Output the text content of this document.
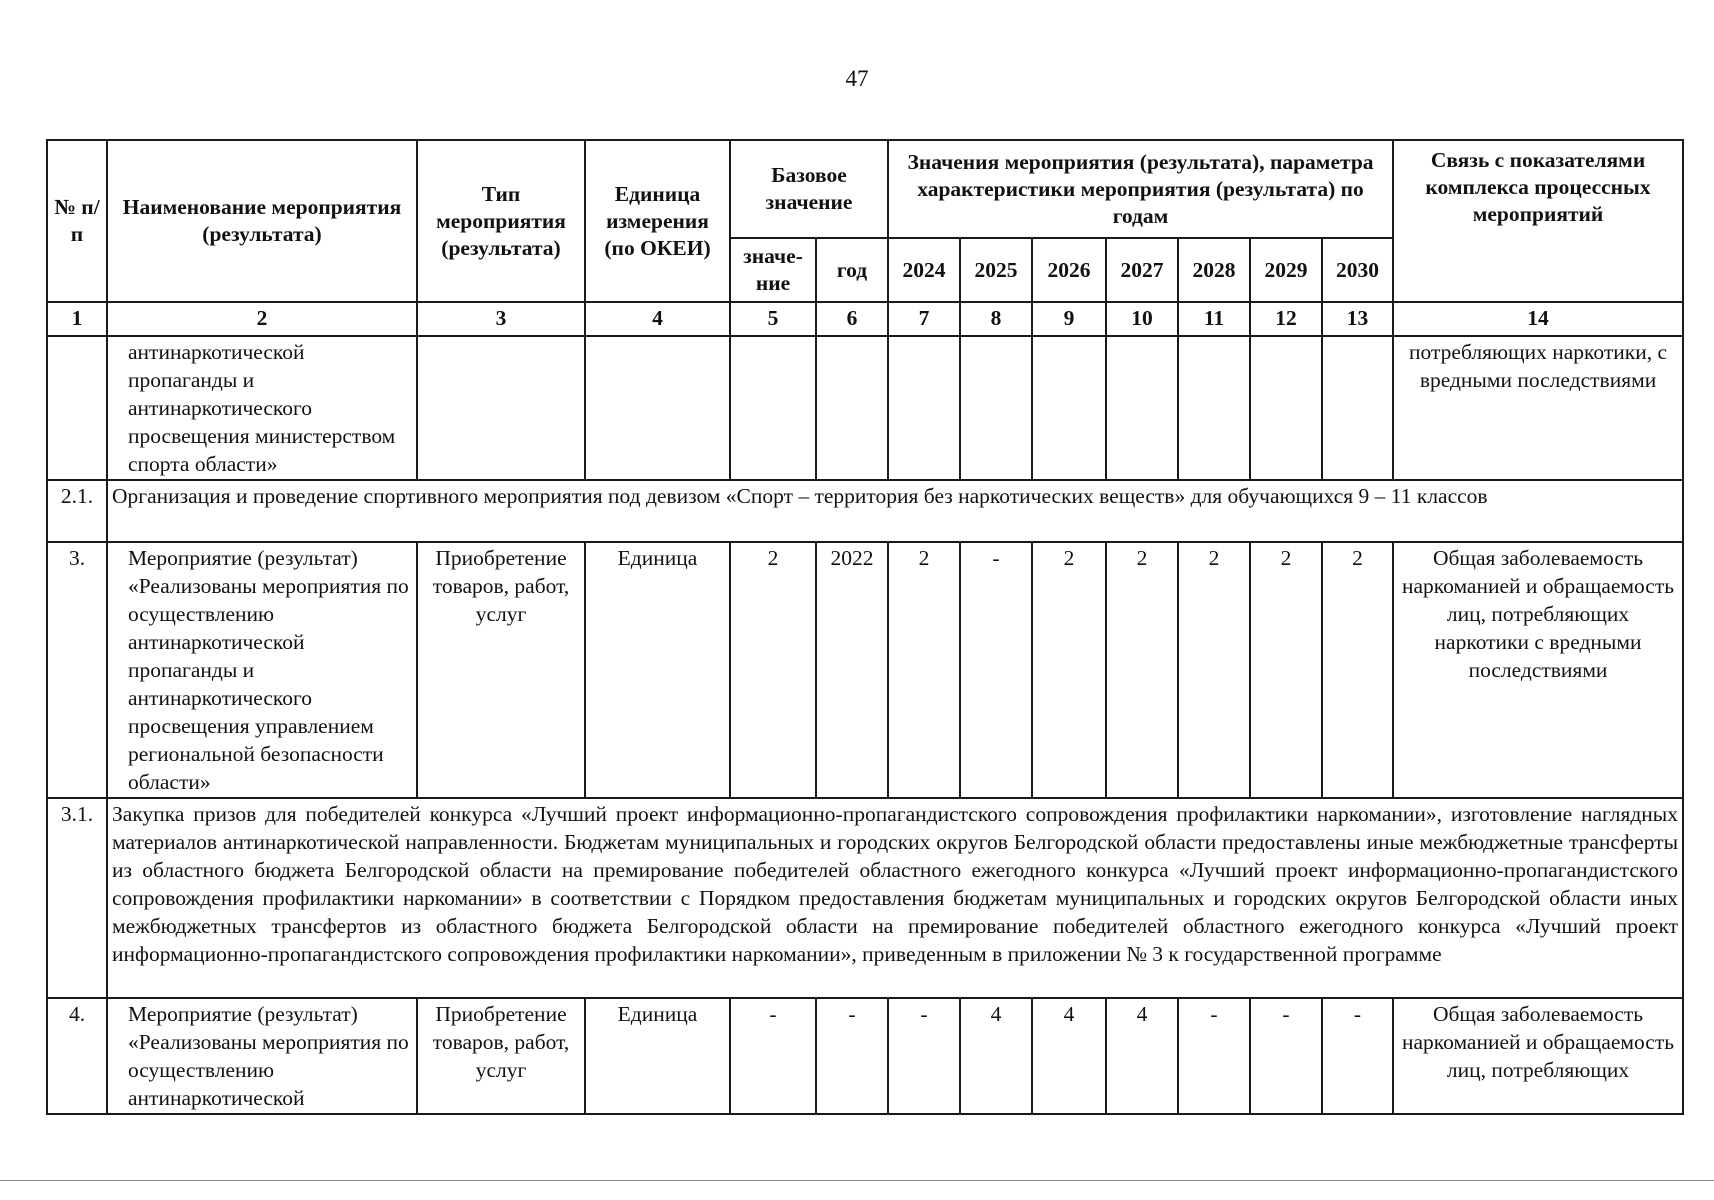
47
№ п/п	Наименование мероприятия (результата)	Тип мероприятия (результата)	Единица измерения (по ОКЕИ)	Базовое значение		Значения мероприятия (результата), параметра характеристики мероприятия (результата) по годам							Связь с показателями комплекса процессных мероприятий
				значе-ние	год	2024	2025	2026	2027	2028	2029	2030	
1	2	3	4	5	6	7	8	9	10	11	12	13	14
	антинаркотической пропаганды и антинаркотического просвещения министерством спорта области»												потребляющих наркотики, с вредными последствиями
2.1.	Организация и проведение спортивного мероприятия под девизом «Спорт – территория без наркотических веществ» для обучающихся 9 – 11 классов												
3.	Мероприятие (результат) «Реализованы мероприятия по осуществлению антинаркотической пропаганды и антинаркотического просвещения управлением региональной безопасности области»	Приобретение товаров, работ, услуг	Единица	2	2022	2	-	2	2	2	2	2	Общая заболеваемость наркоманией и обращаемость лиц, потребляющих наркотики с вредными последствиями
3.1.	Закупка призов для победителей конкурса «Лучший проект информационно-пропагандистского сопровождения профилактики наркомании», изготовление наглядных материалов антинаркотической направленности. Бюджетам муниципальных и городских округов Белгородской области предоставлены иные межбюджетные трансферты из областного бюджета Белгородской области на премирование победителей областного ежегодного конкурса «Лучший проект информационно-пропагандистского сопровождения профилактики наркомании» в соответствии с Порядком предоставления бюджетам муниципальных и городских округов Белгородской области иных межбюджетных трансфертов из областного бюджета Белгородской области на премирование победителей областного ежегодного конкурса «Лучший проект информационно-пропагандистского сопровождения профилактики наркомании», приведенным в приложении № 3 к государственной программе												
4.	Мероприятие (результат) «Реализованы мероприятия по осуществлению антинаркотической	Приобретение товаров, работ, услуг	Единица	-	-	-	4	4	4	-	-	-	Общая заболеваемость наркоманией и обращаемость лиц, потребляющих
